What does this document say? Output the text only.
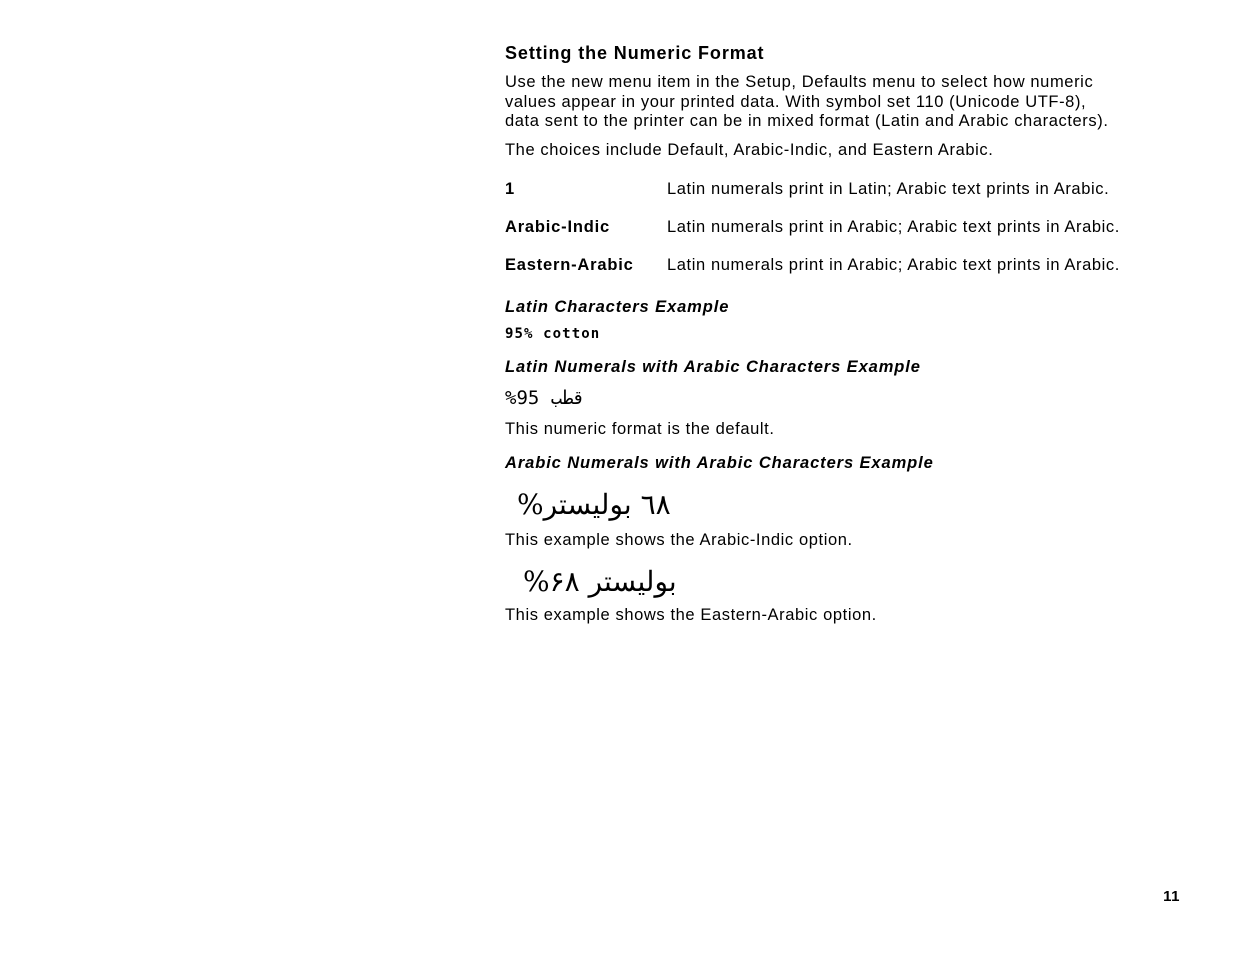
Setting the Numeric Format

Use the new menu item in the Setup, Defaults menu to select how numeric

values appear in your printed data. With symbol set 110 (Unicode UTF-8),

data sent to the printer can be in mixed format (Latin and Arabic characters).

The choices include Default, Arabic-Indic, and Eastern Arabic.

1	Latin numerals print in Latin; Arabic text prints in Arabic.
Arabic-Indic	Latin numerals print in Arabic; Arabic text prints in Arabic.
Eastern-Arabic	Latin numerals print in Arabic; Arabic text prints in Arabic.
Latin Characters Example

95% cotton

Latin Numerals with Arabic Characters Example

%95 قطب

This numeric format is the default.

Arabic Numerals with Arabic Characters Example

%٦٨ بوليستر

This example shows the Arabic-Indic option.

%۶۸ بوليستر

This example shows the Eastern-Arabic option.

11
